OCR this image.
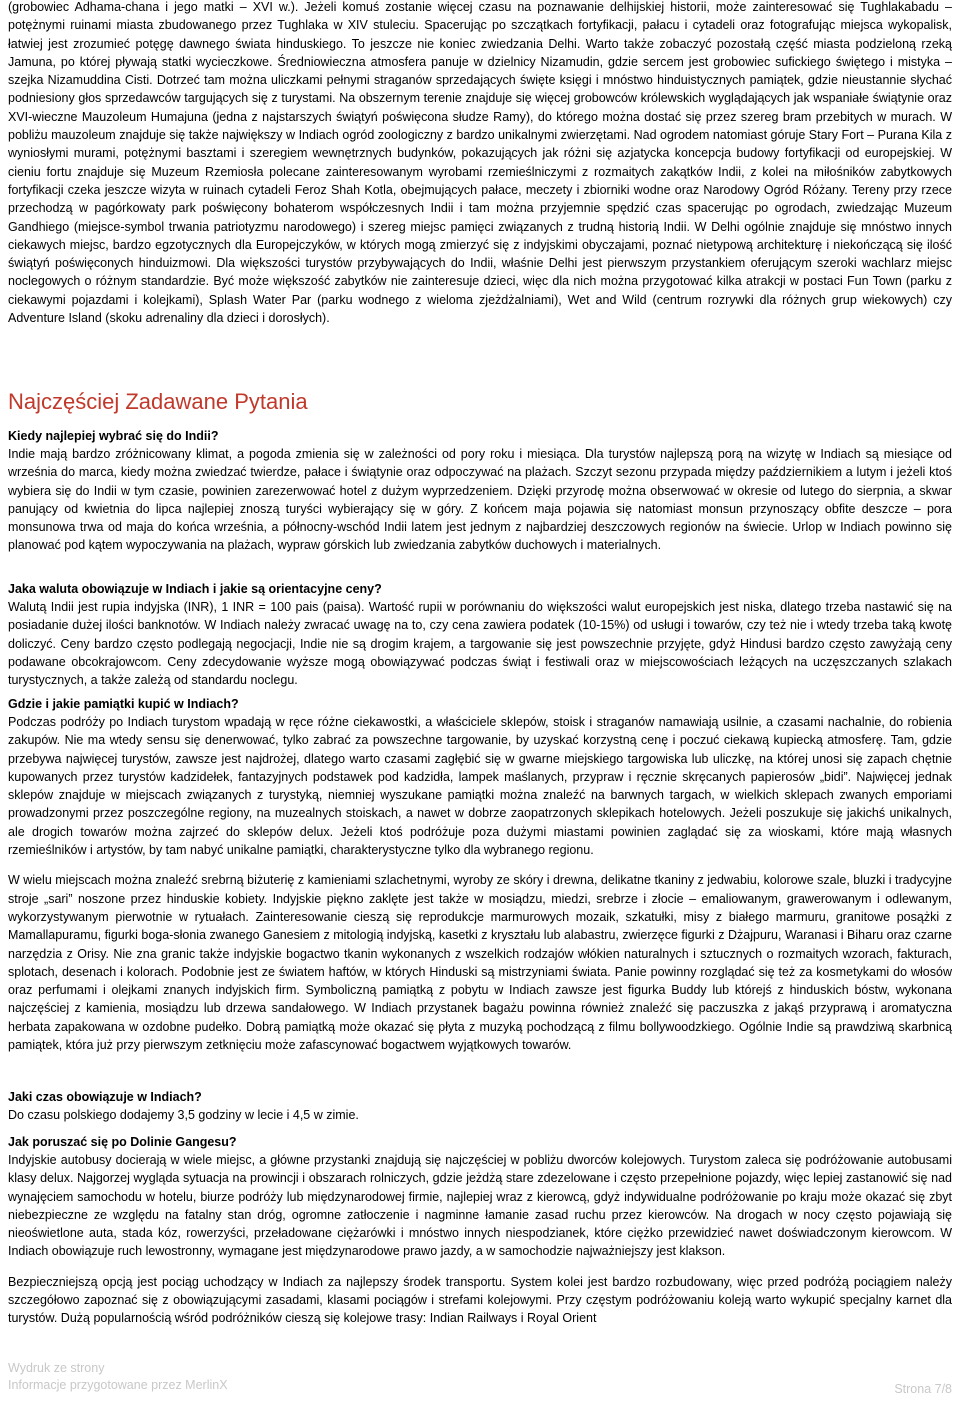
(grobowiec Adhama-chana i jego matki – XVI w.). Jeżeli komuś zostanie więcej czasu na poznawanie delhijskiej historii, może zainteresować się Tughlakabadu – potężnymi ruinami miasta zbudowanego przez Tughlaka w XIV stuleciu. Spacerując po szczątkach fortyfikacji, pałacu i cytadeli oraz fotografując miejsca wykopalisk, łatwiej jest zrozumieć potęgę dawnego świata hinduskiego. To jeszcze nie koniec zwiedzania Delhi. Warto także zobaczyć pozostałą część miasta podzieloną rzeką Jamuna, po której pływają statki wycieczkowe. Średniowieczna atmosfera panuje w dzielnicy Nizamudin, gdzie sercem jest grobowiec sufickiego świętego i mistyka – szejka Nizamuddina Cisti. Dotrzeć tam można uliczkami pełnymi straganów sprzedających święte księgi i mnóstwo hinduistycznych pamiątek, gdzie nieustannie słychać podniesiony głos sprzedawców targujących się z turystami. Na obszernym terenie znajduje się więcej grobowców królewskich wyglądających jak wspaniałe świątynie oraz XVI-wieczne Mauzoleum Humajuna (jedna z najstarszych świątyń poświęcona słudze Ramy), do którego można dostać się przez szereg bram przebitych w murach. W pobliżu mauzoleum znajduje się także największy w Indiach ogród zoologiczny z bardzo unikalnymi zwierzętami. Nad ogrodem natomiast góruje Stary Fort – Purana Kila z wyniosłymi murami, potężnymi basztami i szeregiem wewnętrznych budynków, pokazujących jak różni się azjatycka koncepcja budowy fortyfikacji od europejskiej. W cieniu fortu znajduje się Muzeum Rzemiosła polecane zainteresowanym wyrobami rzemieślniczymi z rozmaitych zakątków Indii, z kolei na miłośników zabytkowych fortyfikacji czeka jeszcze wizyta w ruinach cytadeli Feroz Shah Kotla, obejmujących pałace, meczety i zbiorniki wodne oraz Narodowy Ogród Różany. Tereny przy rzece przechodzą w pagórkowaty park poświęcony bohaterom współczesnych Indii i tam można przyjemnie spędzić czas spacerując po ogrodach, zwiedzając Muzeum Gandhiego (miejsce-symbol trwania patriotyzmu narodowego) i szereg miejsc pamięci związanych z trudną historią Indii. W Delhi ogólnie znajduje się mnóstwo innych ciekawych miejsc, bardzo egzotycznych dla Europejczyków, w których mogą zmierzyć się z indyjskimi obyczajami, poznać nietypową architekturę i niekończącą się ilość świątyń poświęconych hinduizmowi. Dla większości turystów przybywających do Indii, właśnie Delhi jest pierwszym przystankiem oferującym szeroki wachlarz miejsc noclegowych o różnym standardzie. Być może większość zabytków nie zainteresuje dzieci, więc dla nich można przygotować kilka atrakcji w postaci Fun Town (parku z ciekawymi pojazdami i kolejkami), Splash Water Par (parku wodnego z wieloma zjeżdżalniami), Wet and Wild (centrum rozrywki dla różnych grup wiekowych) czy Adventure Island (skoku adrenaliny dla dzieci i dorosłych).

Najczęściej Zadawane Pytania

Kiedy najlepiej wybrać się do Indii?

Indie mają bardzo zróżnicowany klimat, a pogoda zmienia się w zależności od pory roku i miesiąca. Dla turystów najlepszą porą na wizytę w Indiach są miesiące od września do marca, kiedy można zwiedzać twierdze, pałace i świątynie oraz odpoczywać na plażach. Szczyt sezonu przypada między październikiem a lutym i jeżeli ktoś wybiera się do Indii w tym czasie, powinien zarezerwować hotel z dużym wyprzedzeniem. Dzięki przyrodę można obserwować w okresie od lutego do sierpnia, a skwar panujący od kwietnia do lipca najlepiej znoszą turyści wybierający się w góry. Z końcem maja pojawia się natomiast monsun przynoszący obfite deszcze – pora monsunowa trwa od maja do końca września, a północny-wschód Indii latem jest jednym z najbardziej deszczowych regionów na świecie. Urlop w Indiach powinno się planować pod kątem wypoczywania na plażach, wypraw górskich lub zwiedzania zabytków duchowych i materialnych.

Jaka waluta obowiązuje w Indiach i jakie są orientacyjne ceny?

Walutą Indii jest rupia indyjska (INR), 1 INR = 100 pais (paisa). Wartość rupii w porównaniu do większości walut europejskich jest niska, dlatego trzeba nastawić się na posiadanie dużej ilości banknotów. W Indiach należy zwracać uwagę na to, czy cena zawiera podatek (10-15%) od usługi i towarów, czy też nie i wtedy trzeba taką kwotę doliczyć. Ceny bardzo często podlegają negocjacji, Indie nie są drogim krajem, a targowanie się jest powszechnie przyjęte, gdyż Hindusi bardzo często zawyżają ceny podawane obcokrajowcom. Ceny zdecydowanie wyższe mogą obowiązywać podczas świąt i festiwali oraz w miejscowościach leżących na uczęszczanych szlakach turystycznych, a także zależą od standardu noclegu.

Gdzie i jakie pamiątki kupić w Indiach?

Podczas podróży po Indiach turystom wpadają w ręce różne ciekawostki, a właściciele sklepów, stoisk i straganów namawiają usilnie, a czasami nachalnie, do robienia zakupów. Nie ma wtedy sensu się denerwować, tylko zabrać za powszechne targowanie, by uzyskać korzystną cenę i poczuć ciekawą kupiecką atmosferę. Tam, gdzie przebywa najwięcej turystów, zawsze jest najdrożej, dlatego warto czasami zagłębić się w gwarne miejskiego targowiska lub uliczkę, na której unosi się zapach chętnie kupowanych przez turystów kadzidełek, fantazyjnych podstawek pod kadzidła, lampek maślanych, przypraw i ręcznie skręcanych papierosów „bidi”. Najwięcej jednak sklepów znajduje w miejscach związanych z turystyką, niemniej wyszukane pamiątki można znaleźć na barwnych targach, w wielkich sklepach zwanych emporiami prowadzonymi przez poszczególne regiony, na muzealnych stoiskach, a nawet w dobrze zaopatrzonych sklepikach hotelowych. Jeżeli poszukuje się jakichś unikalnych, ale drogich towarów można zajrzeć do sklepów delux. Jeżeli ktoś podróżuje poza dużymi miastami powinien zaglądać się za wioskami, które mają własnych rzemieślników i artystów, by tam nabyć unikalne pamiątki, charakterystyczne tylko dla wybranego regionu.

W wielu miejscach można znaleźć srebrną biżuterię z kamieniami szlachetnymi, wyroby ze skóry i drewna, delikatne tkaniny z jedwabiu, kolorowe szale, bluzki i tradycyjne stroje „sari” noszone przez hinduskie kobiety. Indyjskie piękno zaklęte jest także w mosiądzu, miedzi, srebrze i złocie – emaliowanym, grawerowanym i odlewanym, wykorzystywanym pierwotnie w rytuałach. Zainteresowanie cieszą się reprodukcje marmurowych mozaik, szkatułki, misy z białego marmuru, granitowe posążki z Mamallapuramu, figurki boga-słonia zwanego Ganesiem z mitologią indyjską, kasetki z kryształu lub alabastru, zwierzęce figurki z Dżajpuru, Waranasi i Biharu oraz czarne narzędzia z Orisy. Nie zna granic także indyjskie bogactwo tkanin wykonanych z wszelkich rodzajów włókien naturalnych i sztucznych o rozmaitych wzorach, fakturach, splotach, desenach i kolorach. Podobnie jest ze światem haftów, w których Hinduski są mistrzyniami świata. Panie powinny rozglądać się też za kosmetykami do włosów oraz perfumami i olejkami znanych indyjskich firm. Symboliczną pamiątką z pobytu w Indiach zawsze jest figurka Buddy lub którejś z hinduskich bóstw, wykonana najczęściej z kamienia, mosiądzu lub drzewa sandałowego. W Indiach przystanek bagażu powinna również znaleźć się paczuszka z jakąś przyprawą i aromatyczna herbata zapakowana w ozdobne pudełko. Dobrą pamiątką może okazać się płyta z muzyką pochodzącą z filmu bollywoodzkiego. Ogólnie Indie są prawdziwą skarbnicą pamiątek, która już przy pierwszym zetknięciu może zafascynować bogactwem wyjątkowych towarów.

Jaki czas obowiązuje w Indiach?

Do czasu polskiego dodajemy 3,5 godziny w lecie i 4,5 w zimie.

Jak poruszać się po Dolinie Gangesu?

Indyjskie autobusy docierają w wiele miejsc, a główne przystanki znajdują się najczęściej w pobliżu dworców kolejowych. Turystom zaleca się podróżowanie autobusami klasy delux. Najgorzej wygląda sytuacja na prowincji i obszarach rolniczych, gdzie jeżdżą stare zdezelowane i często przepełnione pojazdy, więc lepiej zastanowić się nad wynajęciem samochodu w hotelu, biurze podróży lub międzynarodowej firmie, najlepiej wraz z kierowcą, gdyż indywidualne podróżowanie po kraju może okazać się zbyt niebezpieczne ze względu na fatalny stan dróg, ogromne zatłoczenie i nagminne łamanie zasad ruchu przez kierowców. Na drogach w nocy często pojawiają się nieoświetlone auta, stada kóz, rowerzyści, przeładowane ciężarówki i mnóstwo innych niespodzianek, które ciężko przewidzieć nawet doświadczonym kierowcom. W Indiach obowiązuje ruch lewostronny, wymagane jest międzynarodowe prawo jazdy, a w samochodzie najważniejszy jest klakson.

Bezpieczniejszą opcją jest pociąg uchodzący w Indiach za najlepszy środek transportu. System kolei jest bardzo rozbudowany, więc przed podróżą pociągiem należy szczegółowo zapoznać się z obowiązującymi zasadami, klasami pociągów i strefami kolejowymi. Przy częstym podróżowaniu koleją warto wykupić specjalny karnet dla turystów. Dużą popularnością wśród podróżników cieszą się kolejowe trasy: Indian Railways i Royal Orient

Wydruk ze strony
Informacje przygotowane przez MerlinX	Strona 7/8
